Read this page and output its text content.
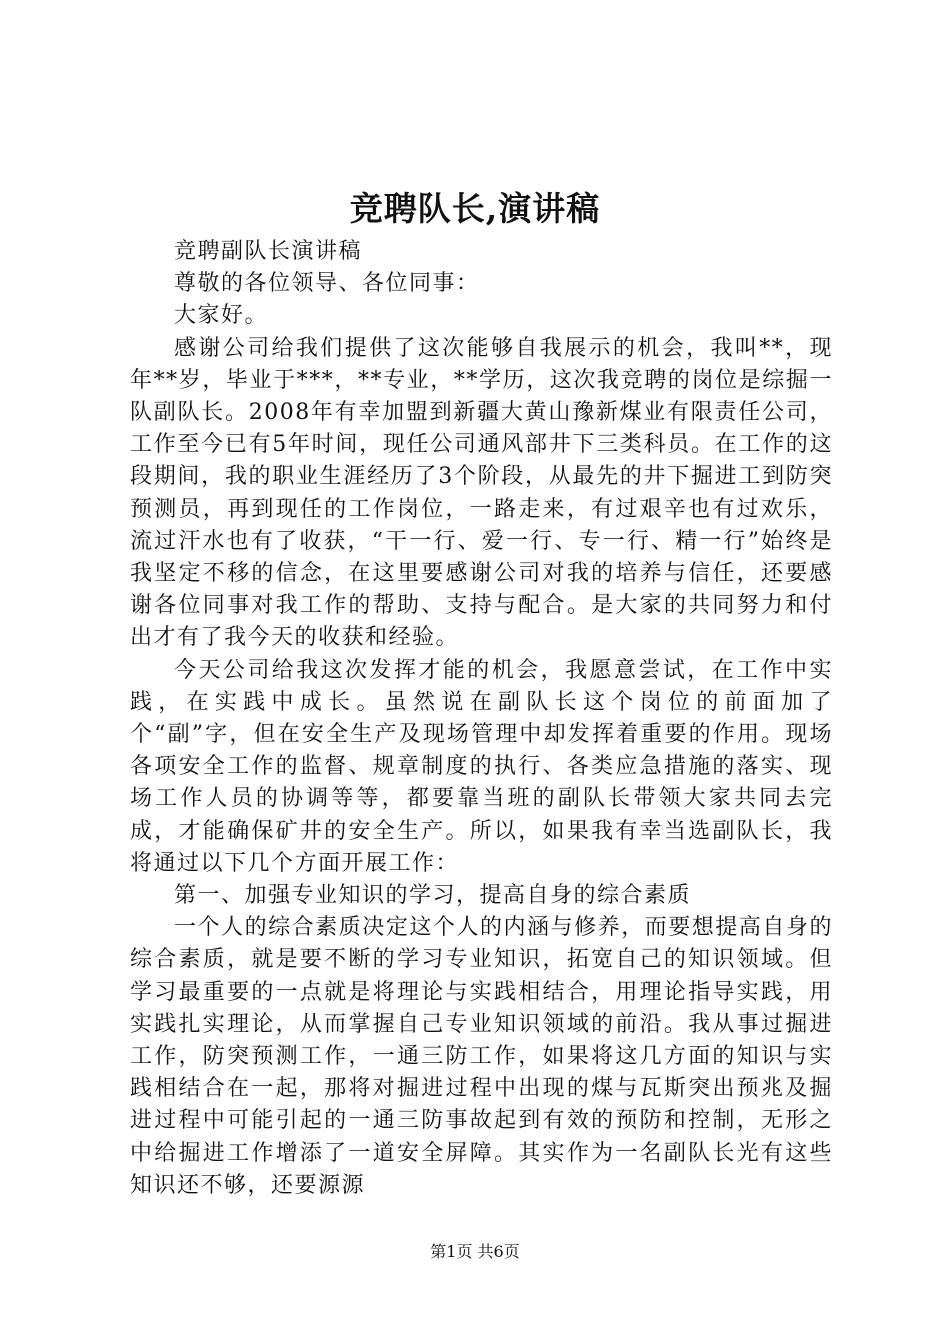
竞聘队长,演讲稿

竞聘副队长演讲稿

尊敬的各位领导、各位同事：

大家好。

感谢公司给我们提供了这次能够自我展示的机会，我叫**，现年**岁，毕业于***，**专业，**学历，这次我竞聘的岗位是综掘一队副队长。2008年有幸加盟到新疆大黄山豫新煤业有限责任公司，工作至今已有5年时间，现任公司通风部井下三类科员。在工作的这段期间，我的职业生涯经历了3个阶段，从最先的井下掘进工到防突预测员，再到现任的工作岗位，一路走来，有过艰辛也有过欢乐，流过汗水也有了收获，“干一行、爱一行、专一行、精一行”始终是我坚定不移的信念，在这里要感谢公司对我的培养与信任，还要感谢各位同事对我工作的帮助、支持与配合。是大家的共同努力和付出才有了我今天的收获和经验。

今天公司给我这次发挥才能的机会，我愿意尝试，在工作中实践，在实践中成长。虽然说在副队长这个岗位的前面加了个“副”字，但在安全生产及现场管理中却发挥着重要的作用。现场各项安全工作的监督、规章制度的执行、各类应急措施的落实、现场工作人员的协调等等，都要靠当班的副队长带领大家共同去完成，才能确保矿井的安全生产。所以，如果我有幸当选副队长，我将通过以下几个方面开展工作：

第一、加强专业知识的学习，提高自身的综合素质

一个人的综合素质决定这个人的内涵与修养，而要想提高自身的综合素质，就是要不断的学习专业知识，拓宽自己的知识领域。但学习最重要的一点就是将理论与实践相结合，用理论指导实践，用实践扎实理论，从而掌握自己专业知识领域的前沿。我从事过掘进工作，防突预测工作，一通三防工作，如果将这几方面的知识与实践相结合在一起，那将对掘进过程中出现的煤与瓦斯突出预兆及掘进过程中可能引起的一通三防事故起到有效的预防和控制，无形之中给掘进工作增添了一道安全屏障。其实作为一名副队长光有这些知识还不够，还要源源

第1页 共6页
